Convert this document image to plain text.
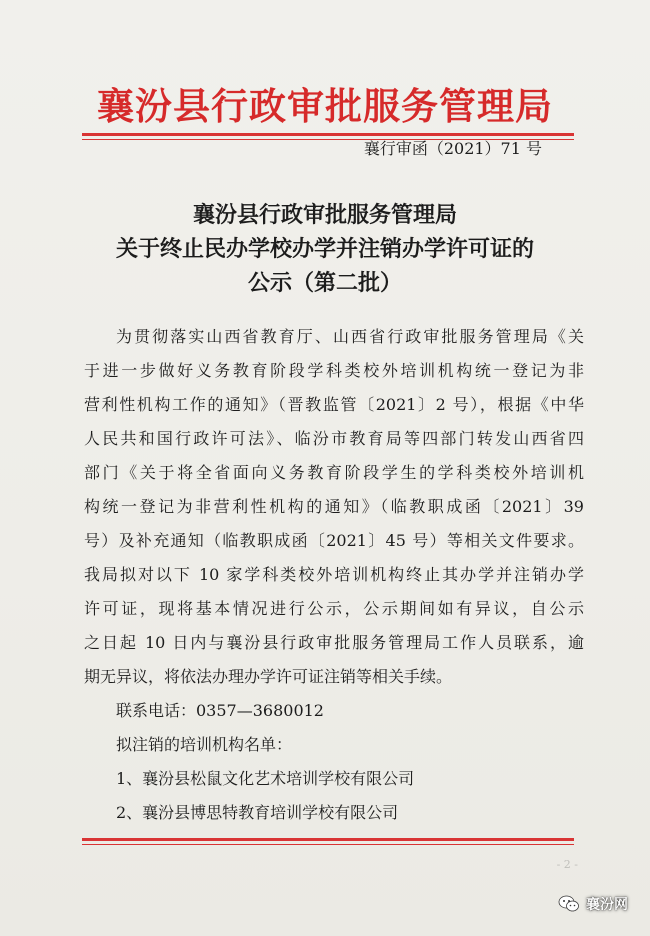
襄汾县行政审批服务管理局
襄行审函（2021）71 号
襄汾县行政审批服务管理局
关于终止民办学校办学并注销办学许可证的
公示（第二批）
为贯彻落实山西省教育厅、山西省行政审批服务管理局《关
于进一步做好义务教育阶段学科类校外培训机构统一登记为非
营利性机构工作的通知》（晋教监管〔2021〕2 号），根据《中华
人民共和国行政许可法》、临汾市教育局等四部门转发山西省四
部门《关于将全省面向义务教育阶段学生的学科类校外培训机
构统一登记为非营利性机构的通知》（临教职成函〔2021〕39
号）及补充通知（临教职成函〔2021〕45 号）等相关文件要求。
我局拟对以下 10 家学科类校外培训机构终止其办学并注销办学
许可证，现将基本情况进行公示，公示期间如有异议，自公示
之日起 10 日内与襄汾县行政审批服务管理局工作人员联系，逾
期无异议，将依法办理办学许可证注销等相关手续。
联系电话：0357—3680012
拟注销的培训机构名单：
1、襄汾县松鼠文化艺术培训学校有限公司
2、襄汾县博思特教育培训学校有限公司
- 2 -
襄汾网
